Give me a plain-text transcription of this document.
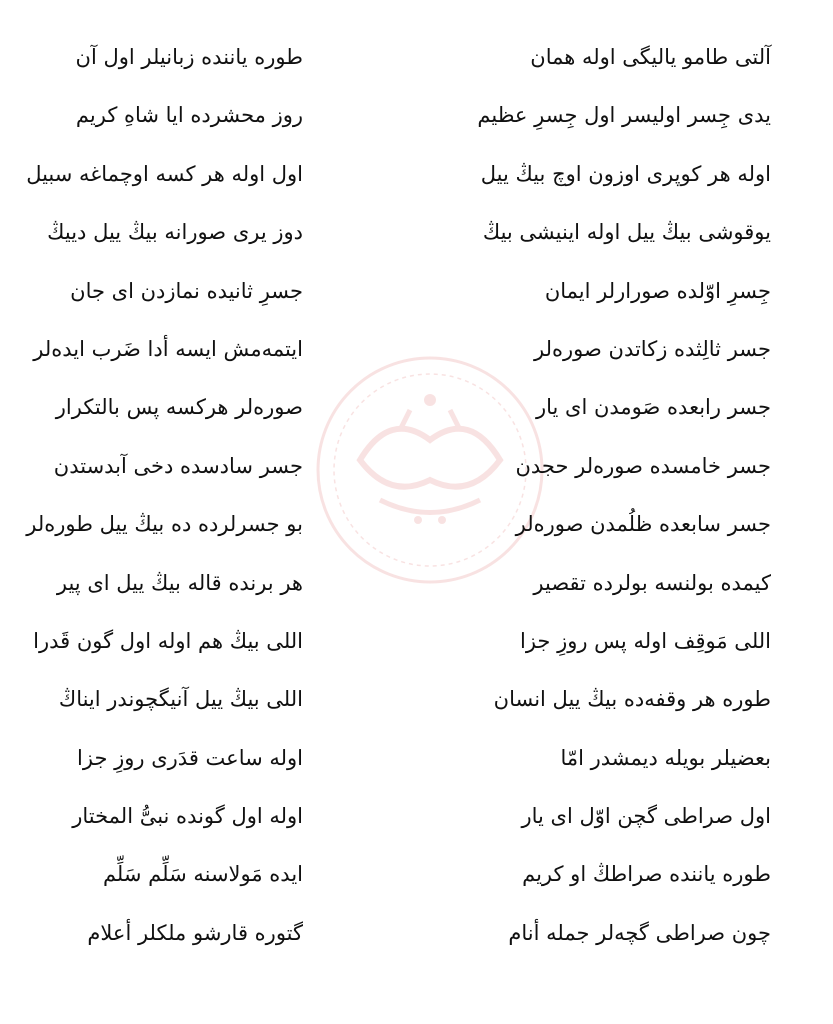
آلتی طامو یالیگی اوله همان
طوره یاننده زبانیلر اول آن
یدی جِسر اولیسر اول جِسرِ عظیم
روز محشرده ایا شاهِ کریم
اوله هر کوپری اوزون اوچ بیڭ ییل
اول اوله هر کسه اوچماغه سبیل
یوقوشی بیڭ ییل اوله اینیشی بیڭ
دوز یری صورانه بیڭ ییل دییڭ
جِسرِ اوّلده صورارلر ایمان
جسرِ ثانیده نمازدن ای جان
جسر ثالِثده زکاتدن صوره‌لر
ایتمه‌مش ایسه أدا ضَرب ایده‌لر
جسر رابعده صَومدن ای یار
صوره‌لر هرکسه پس بالتکرار
جسر خامسده صوره‌لر حجدن
جسر سادسده دخی آبدستدن
جسر سابعده ظلُمدن صوره‌لر
بو جسرلرده ده بیڭ ییل طوره‌لر
کیمده بولنسه بولرده تقصیر
هر برنده قاله بیڭ ییل ای پیر
اللی مَوقِف اوله پس روزِ جزا
اللی بیڭ هم اوله اول گون قَدرا
طوره هر وقفه‌ده بیڭ ییل انسان
اللی بیڭ ییل آنیگچوندر ایناڭ
بعضیلر بویله دیمشدر امّا
اوله ساعت قدَری روزِ جزا
اول صراطی گچن اوّل ای یار
اوله اول گونده نبیُّ المختار
طوره یاننده صراطڭ او کریم
ایده مَولاسنه سَلِّم سَلِّم
چون صراطی گچه‌لر جمله أنام
گتوره قارشو ملکلر أعلام
